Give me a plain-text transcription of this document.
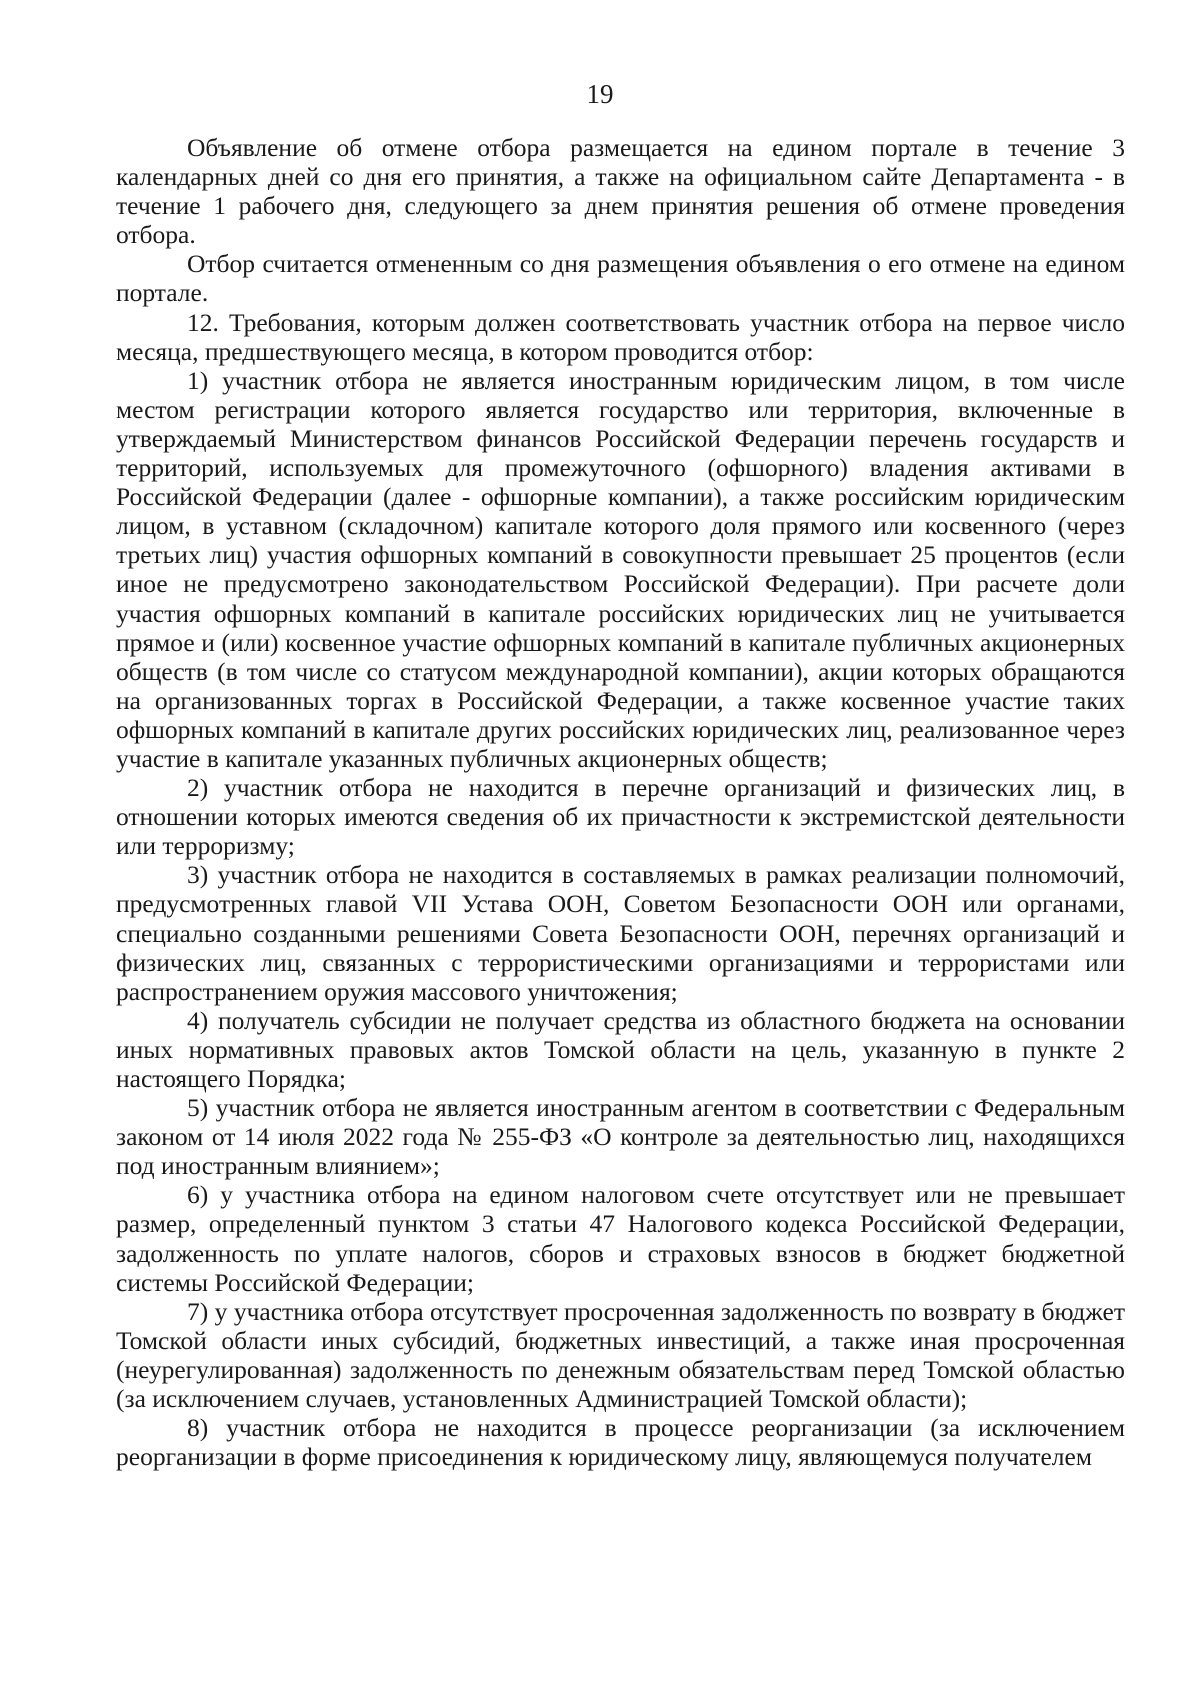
19

Объявление об отмене отбора размещается на едином портале в течение 3 календарных дней со дня его принятия, а также на официальном сайте Департамента - в течение 1 рабочего дня, следующего за днем принятия решения об отмене проведения отбора.

Отбор считается отмененным со дня размещения объявления о его отмене на едином портале.

12. Требования, которым должен соответствовать участник отбора на первое число месяца, предшествующего месяца, в котором проводится отбор:

1) участник отбора не является иностранным юридическим лицом, в том числе местом регистрации которого является государство или территория, включенные в утверждаемый Министерством финансов Российской Федерации перечень государств и территорий, используемых для промежуточного (офшорного) владения активами в Российской Федерации (далее - офшорные компании), а также российским юридическим лицом, в уставном (складочном) капитале которого доля прямого или косвенного (через третьих лиц) участия офшорных компаний в совокупности превышает 25 процентов (если иное не предусмотрено законодательством Российской Федерации). При расчете доли участия офшорных компаний в капитале российских юридических лиц не учитывается прямое и (или) косвенное участие офшорных компаний в капитале публичных акционерных обществ (в том числе со статусом международной компании), акции которых обращаются на организованных торгах в Российской Федерации, а также косвенное участие таких офшорных компаний в капитале других российских юридических лиц, реализованное через участие в капитале указанных публичных акционерных обществ;

2) участник отбора не находится в перечне организаций и физических лиц, в отношении которых имеются сведения об их причастности к экстремистской деятельности или терроризму;

3) участник отбора не находится в составляемых в рамках реализации полномочий, предусмотренных главой VII Устава ООН, Советом Безопасности ООН или органами, специально созданными решениями Совета Безопасности ООН, перечнях организаций и физических лиц, связанных с террористическими организациями и террористами или распространением оружия массового уничтожения;

4) получатель субсидии не получает средства из областного бюджета на основании иных нормативных правовых актов Томской области на цель, указанную в пункте 2 настоящего Порядка;

5) участник отбора не является иностранным агентом в соответствии с Федеральным законом от 14 июля 2022 года № 255-ФЗ «О контроле за деятельностью лиц, находящихся под иностранным влиянием»;

6) у участника отбора на едином налоговом счете отсутствует или не превышает размер, определенный пунктом 3 статьи 47 Налогового кодекса Российской Федерации, задолженность по уплате налогов, сборов и страховых взносов в бюджет бюджетной системы Российской Федерации;

7) у участника отбора отсутствует просроченная задолженность по возврату в бюджет Томской области иных субсидий, бюджетных инвестиций, а также иная просроченная (неурегулированная) задолженность по денежным обязательствам перед Томской областью (за исключением случаев, установленных Администрацией Томской области);

8) участник отбора не находится в процессе реорганизации (за исключением реорганизации в форме присоединения к юридическому лицу, являющемуся получателем
